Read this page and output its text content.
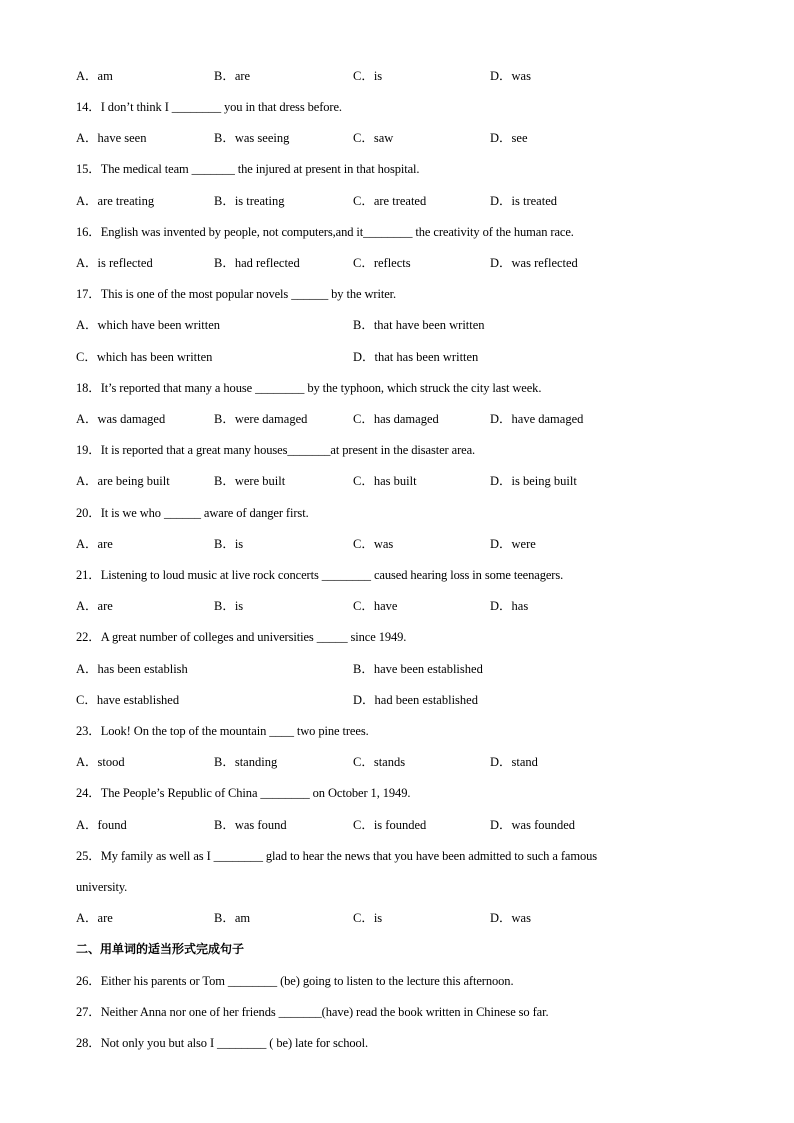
A．am	B．are	C．is	D．was
14．I don’t think I ________ you in that dress before.
A．have seen	B．was seeing	C．saw	D．see
15．The medical team _______ the injured at present in that hospital.
A．are treating	B．is treating	C．are treated	D．is treated
16．English was invented by people, not computers,and it________ the creativity of the human race.
A．is reflected	B．had reflected	C．reflects	D．was reflected
17．This is one of the most popular novels ______ by the writer.
A．which have been written	B．that have been written
C．which has been written	D．that has been written
18．It’s reported that many a house ________ by the typhoon, which struck the city last week.
A．was damaged	B．were damaged	C．has damaged	D．have damaged
19．It is reported that a great many houses_______at present in the disaster area.
A．are being built	B．were built	C．has built	D．is being built
20．It is we who ______ aware of danger first.
A．are	B．is	C．was	D．were
21．Listening to loud music at live rock concerts ________ caused hearing loss in some teenagers.
A．are	B．is	C．have	D．has
22．A great number of colleges and universities _____ since 1949.
A．has been establish	B．have been established
C．have established	D．had been established
23．Look! On the top of the mountain ____ two pine trees.
A．stood	B．standing	C．stands	D．stand
24．The People’s Republic of China ________ on October 1, 1949.
A．found	B．was found	C．is founded	D．was founded
25．My family as well as I ________ glad to hear the news that you have been admitted to such a famous
university.
A．are	B．am	C．is	D．was
二、用单词的适当形式完成句子
26．Either his parents or Tom ________ (be) going to listen to the lecture this afternoon.
27．Neither Anna nor one of her friends _______(have) read the book written in Chinese so far.
28．Not only you but also I ________ ( be) late for school.
